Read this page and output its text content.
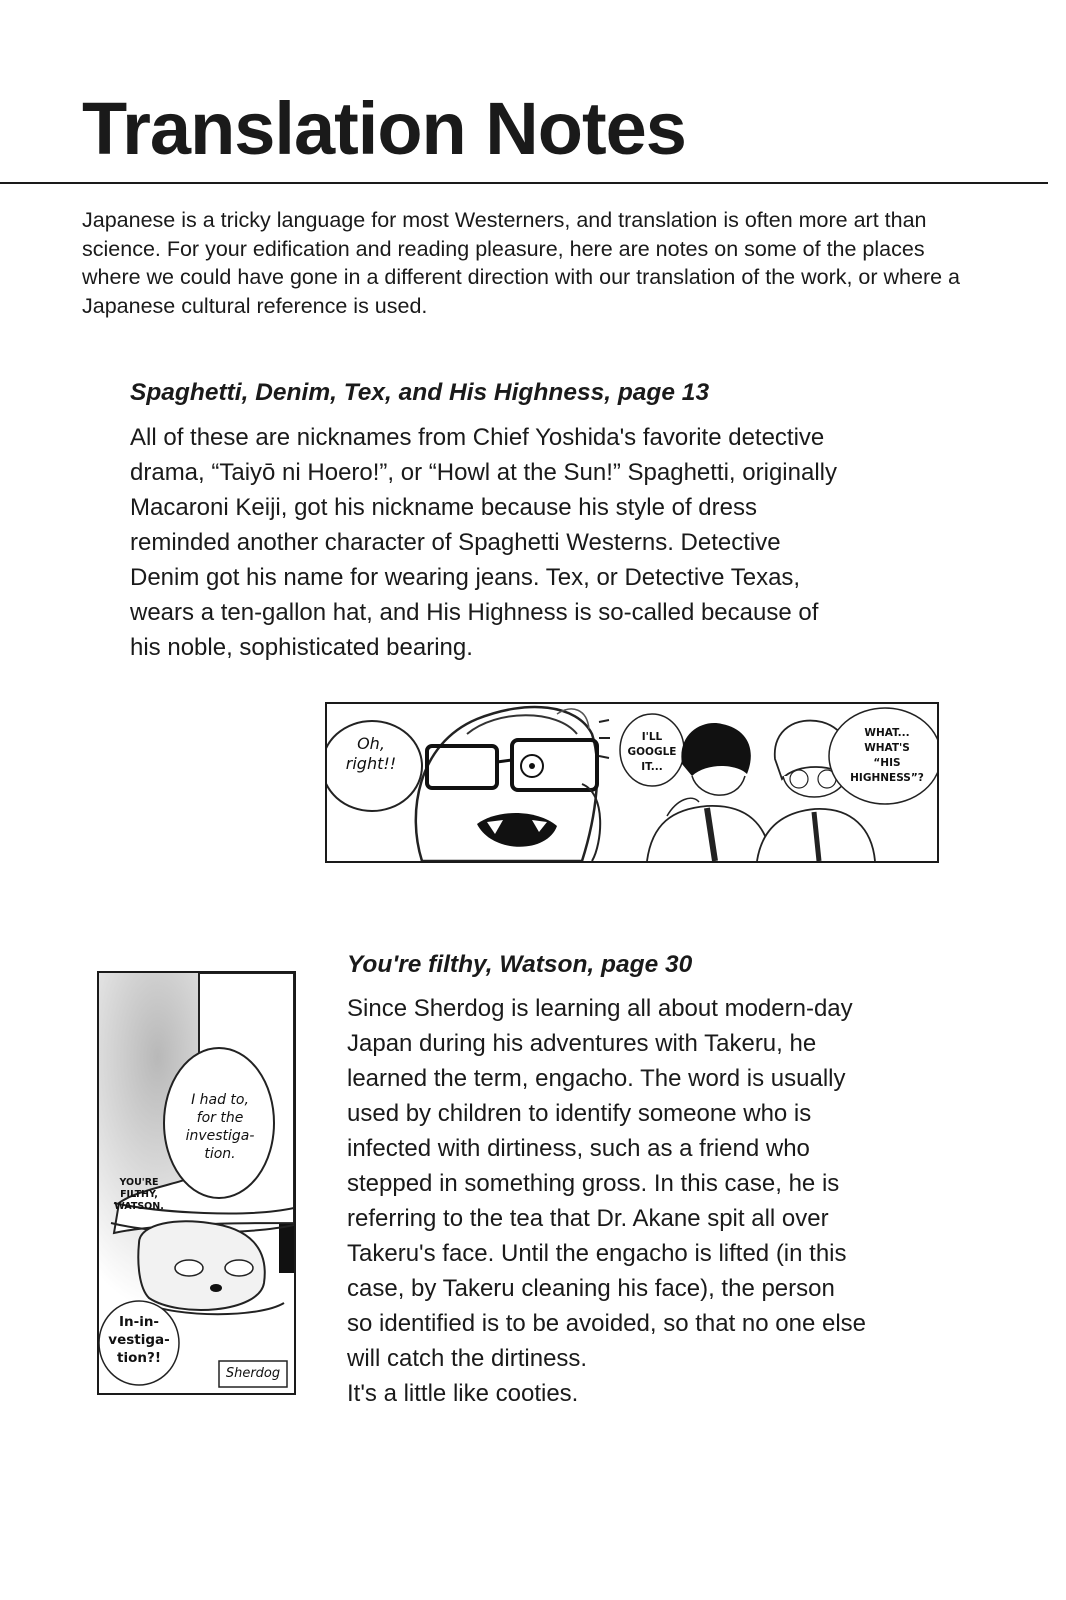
Translation Notes

Japanese is a tricky language for most Westerners, and translation is often more art than science. For your edification and reading pleasure, here are notes on some of the places where we could have gone in a different direction with our translation of the work, or where a Japanese cultural reference is used.

Spaghetti, Denim, Tex, and His Highness, page 13

All of these are nicknames from Chief Yoshida's favorite detective
drama, “Taiyō ni Hoero!”, or “Howl at the Sun!” Spaghetti, originally
Macaroni Keiji, got his nickname because his style of dress
reminded another character of Spaghetti Westerns. Detective
Denim got his name for wearing jeans. Tex, or Detective Texas,
wears a ten-gallon hat, and His Highness is so-called because of
his noble, sophisticated bearing.

Oh,
right!!
I'LL
GOOGLE
IT...
WHAT...
WHAT'S
“HIS
HIGHNESS”?
I had to,
for the
investiga-
tion.
YOU'RE
FILTHY,
WATSON.
In-in-
vestiga-
tion?!
Sherdog
You're filthy, Watson, page 30

Since Sherdog is learning all about modern-day
Japan during his adventures with Takeru, he
learned the term, engacho. The word is usually
used by children to identify someone who is
infected with dirtiness, such as a friend who
stepped in something gross. In this case, he is
referring to the tea that Dr. Akane spit all over
Takeru's face. Until the engacho is lifted (in this
case, by Takeru cleaning his face), the person
so identified is to be avoided, so that no one else
will catch the dirtiness.
It's a little like cooties.
